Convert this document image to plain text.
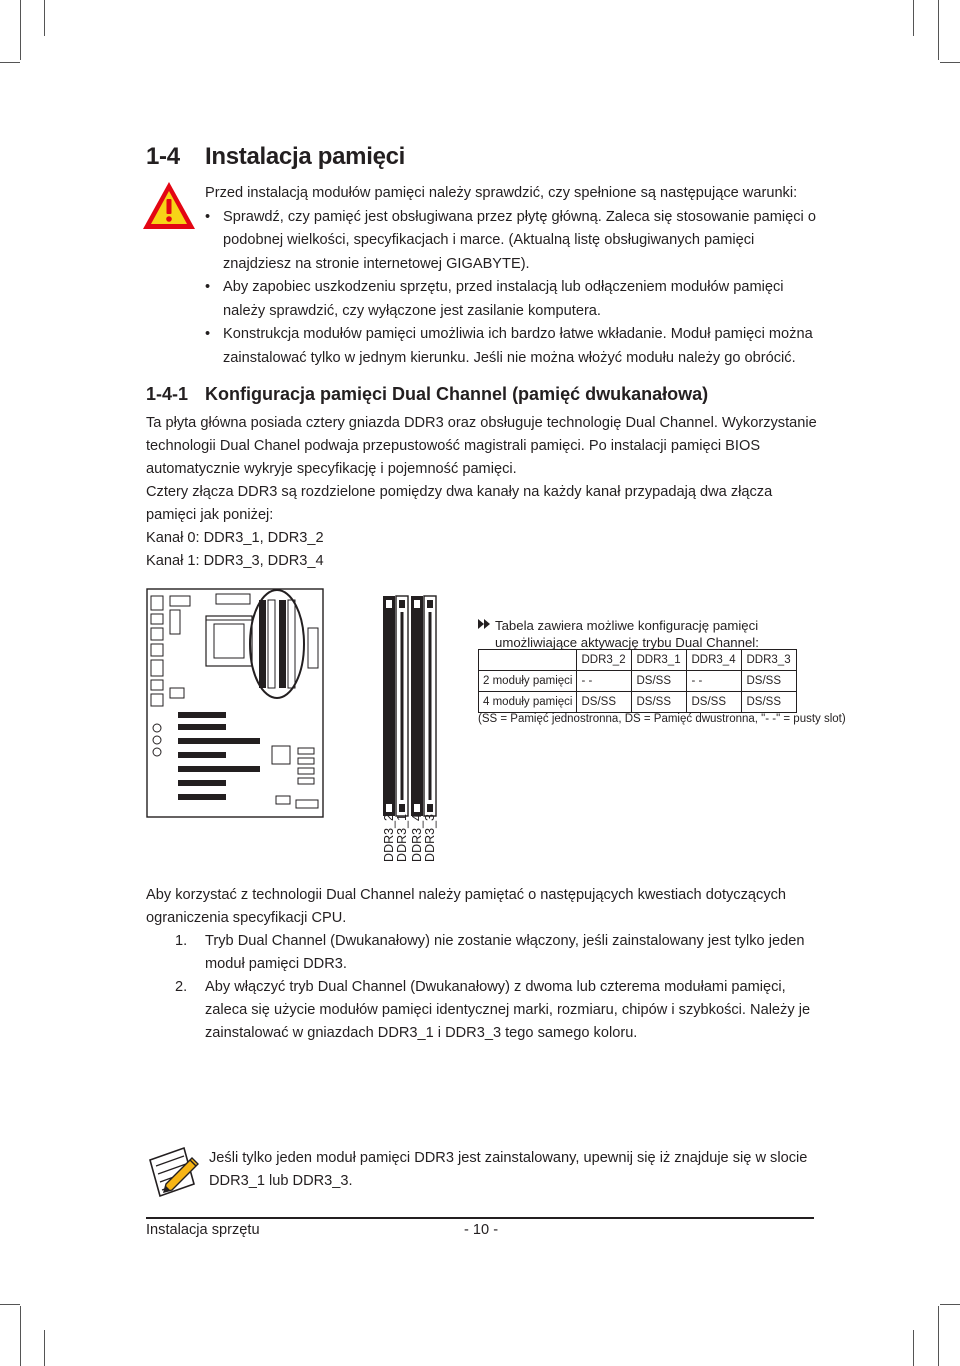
1-4 Instalacja pamięci

Przed instalacją modułów pamięci należy sprawdzić, czy spełnione są następujące warunki:

• Sprawdź, czy pamięć jest obsługiwana przez płytę główną. Zaleca się stosowanie pamięci o podobnej wielkości, specyfikacjach i marce. (Aktualną listę obsługiwanych pamięci znajdziesz na stronie internetowej GIGABYTE).
• Aby zapobiec uszkodzeniu sprzętu, przed instalacją lub odłączeniem modułów pamięci należy sprawdzić, czy wyłączone jest zasilanie komputera.
• Konstrukcja modułów pamięci umożliwia ich bardzo łatwe wkładanie. Moduł pamięci można zainstalować tylko w jednym kierunku. Jeśli nie można włożyć modułu należy go obrócić.
1-4-1 Konfiguracja pamięci Dual Channel (pamięć dwukanałowa)

Ta płyta główna posiada cztery gniazda DDR3 oraz obsługuje technologię Dual Channel. Wykorzystanie technologii Dual Chanel podwaja przepustowość magistrali pamięci. Po instalacji pamięci BIOS automatycznie wykryje specyfikację i pojemność pamięci.

Cztery złącza DDR3 są rozdzielone pomiędzy dwa kanały na każdy kanał przypadają dwa złącza pamięci jak poniżej:

Kanał 0: DDR3_1, DDR3_2

Kanał 1: DDR3_3, DDR3_4

DDR3_2 DDR3_1 DDR3_4 DDR3_3
Tabela zawiera możliwe konfigurację pamięci umożliwiające aktywację trybu Dual Channel:
	DDR3_2	DDR3_1	DDR3_4	DDR3_3
2 moduły pamięci	- -	DS/SS	- -	DS/SS
4 moduły pamięci	DS/SS	DS/SS	DS/SS	DS/SS
(SS = Pamięć jednostronna, DS = Pamięć dwustronna, "- -" = pusty slot)

Aby korzystać z technologii Dual Channel należy pamiętać o następujących kwestiach dotyczących ograniczenia specyfikacji CPU.

1. Tryb Dual Channel (Dwukanałowy) nie zostanie włączony, jeśli zainstalowany jest tylko jeden moduł pamięci DDR3.
2. Aby włączyć tryb Dual Channel (Dwukanałowy) z dwoma lub czterema modułami pamięci, zaleca się użycie modułów pamięci identycznej marki, rozmiaru, chipów i szybkości. Należy je zainstalować w gniazdach DDR3_1 i DDR3_3 tego samego koloru.
Jeśli tylko jeden moduł pamięci DDR3 jest zainstalowany, upewnij się iż znajduje się w slocie DDR3_1 lub DDR3_3.
Instalacja sprzętu	- 10 -
